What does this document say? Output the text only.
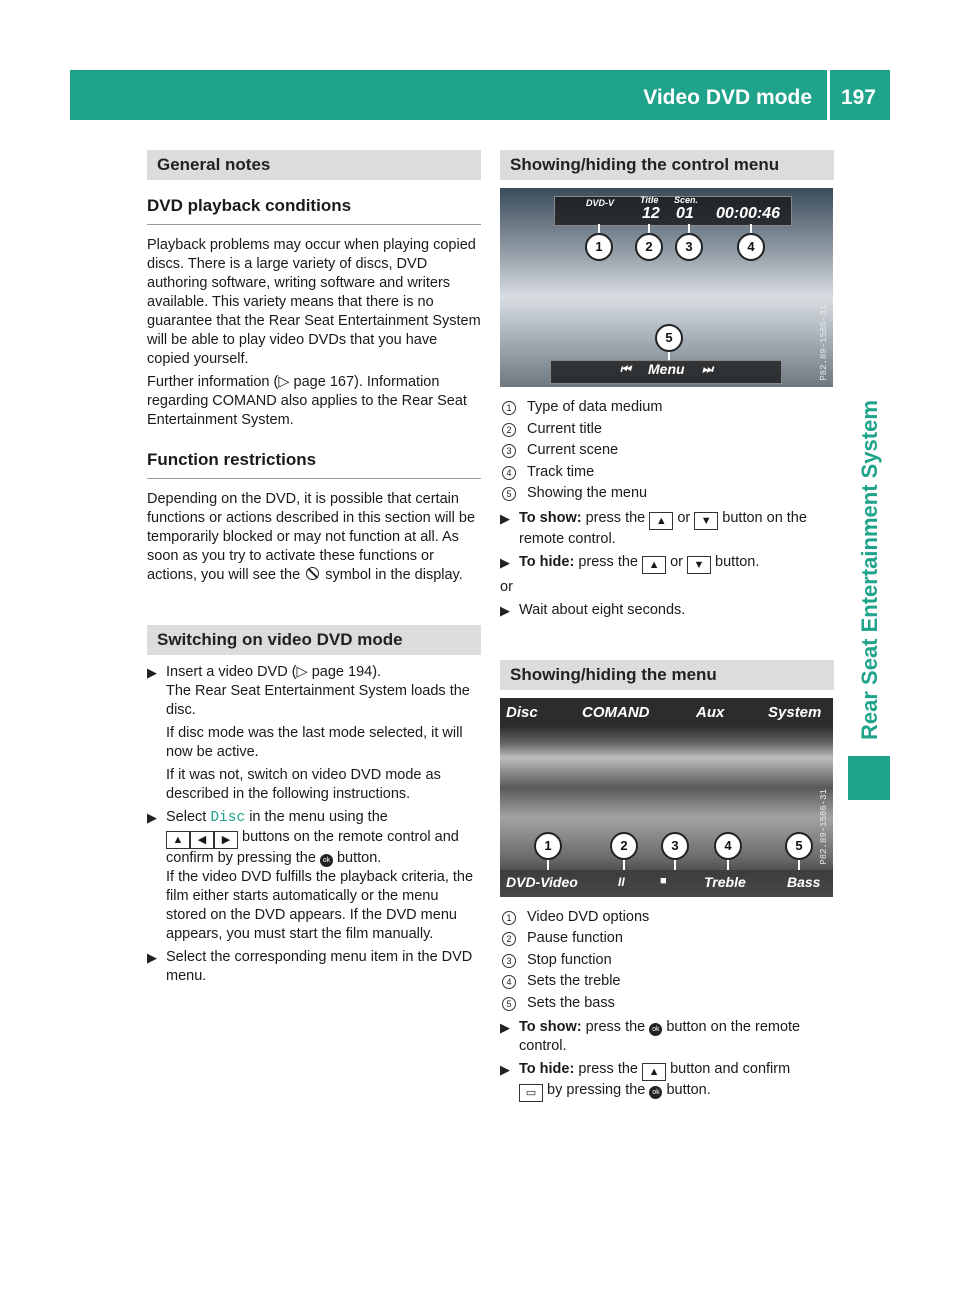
Video DVD mode 197
Rear Seat Entertainment System
General notes
DVD playback conditions

Playback problems may occur when playing copied discs. There is a large variety of discs, DVD authoring software, writing software and writers available. This variety means that there is no guarantee that the Rear Seat Entertainment System will be able to play video DVDs that you have copied yourself.

Further information (▷ page 167). Information regarding COMAND also applies to the Rear Seat Entertainment System.

Function restrictions

Depending on the DVD, it is possible that certain functions or actions described in this section will be temporarily blocked or may not function at all. As soon as you try to activate these functions or actions, you will see the symbol in the display.

Switching on video DVD mode
▶ Insert a video DVD (▷ page 194).
The Rear Seat Entertainment System loads the disc.
If disc mode was the last mode selected, it will now be active.
If it was not, switch on video DVD mode as described in the following instructions.
▶ Select Disc in the menu using the
▲ ◀ ▶ buttons on the remote control and confirm by pressing the ok button.
If the video DVD fulfills the playback criteria, the film either starts automatically or the menu stored on the DVD appears. If the DVD menu appears, you must start the film manually.
▶ Select the corresponding menu item in the DVD menu.
Showing/hiding the control menu
DVD-V	Title Scen.
12 01 00:00:46
1	2	3	4
5
⏮ Menu ⏭	P82.89-1585-31
1	Type of data medium
2	Current title
3	Current scene
4	Track time
5	Showing the menu
▶ To show: press the ▲ or ▼ button on the remote control.
▶ To hide: press the ▲ or ▼ button.

or

▶ Wait about eight seconds.
Showing/hiding the menu
Disc	COMAND	Aux	System
1	2	3	4	5
DVD-Video	II	■	Treble	Bass
P82.89-1586-31
1	Video DVD options
2	Pause function
3	Stop function
4	Sets the treble
5	Sets the bass
▶ To show: press the ok button on the remote control.
▶ To hide: press the ▲ button and confirm
▭ by pressing the ok button.
